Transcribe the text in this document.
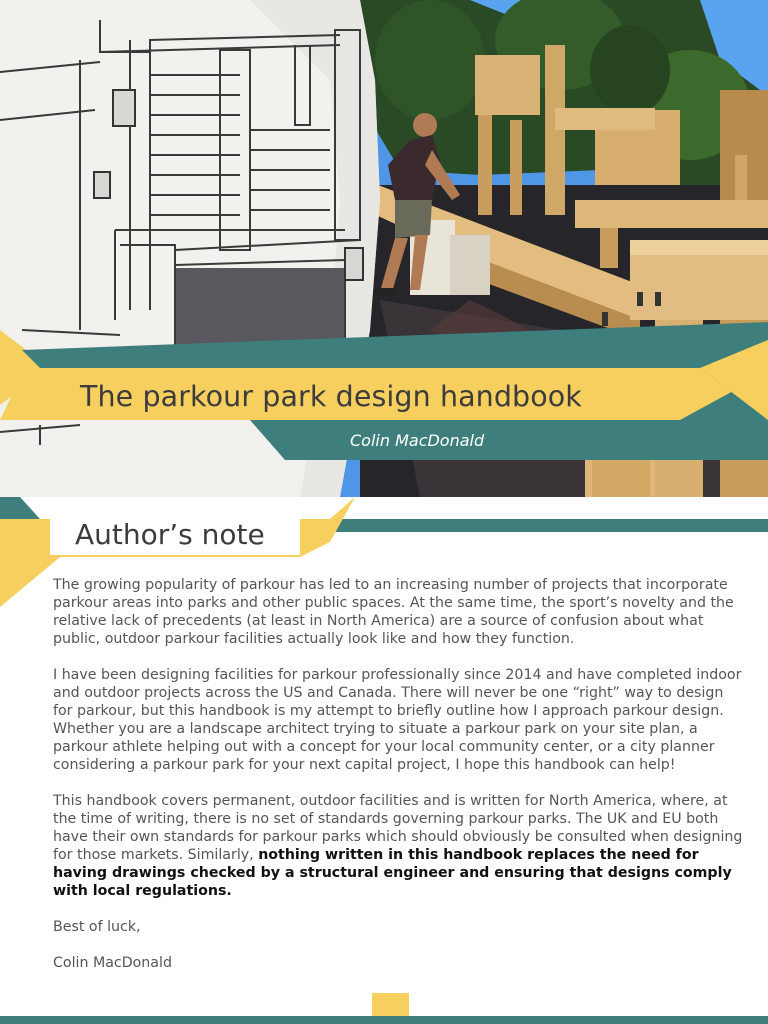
The parkour park design handbook
Colin MacDonald
Author’s note

The growing popularity of parkour has led to an increasing number of projects that incorporate parkour areas into parks and other public spaces. At the same time, the sport’s novelty and the relative lack of precedents (at least in North America) are a source of confusion about what public, outdoor parkour facilities actually look like and how they function.

I have been designing facilities for parkour professionally since 2014 and have completed indoor and outdoor projects across the US and Canada. There will never be one “right” way to design for parkour, but this handbook is my attempt to briefly outline how I approach parkour design. Whether you are a landscape architect trying to situate a parkour park on your site plan, a parkour athlete helping out with a concept for your local community center, or a city planner considering a parkour park for your next capital project, I hope this handbook can help!

This handbook covers permanent, outdoor facilities and is written for North America, where, at the time of writing, there is no set of standards governing parkour parks. The UK and EU both have their own standards for parkour parks which should obviously be consulted when designing for those markets. Similarly, nothing written in this handbook replaces the need for having drawings checked by a structural engineer and ensuring that designs comply with local regulations.

Best of luck,

Colin MacDonald
